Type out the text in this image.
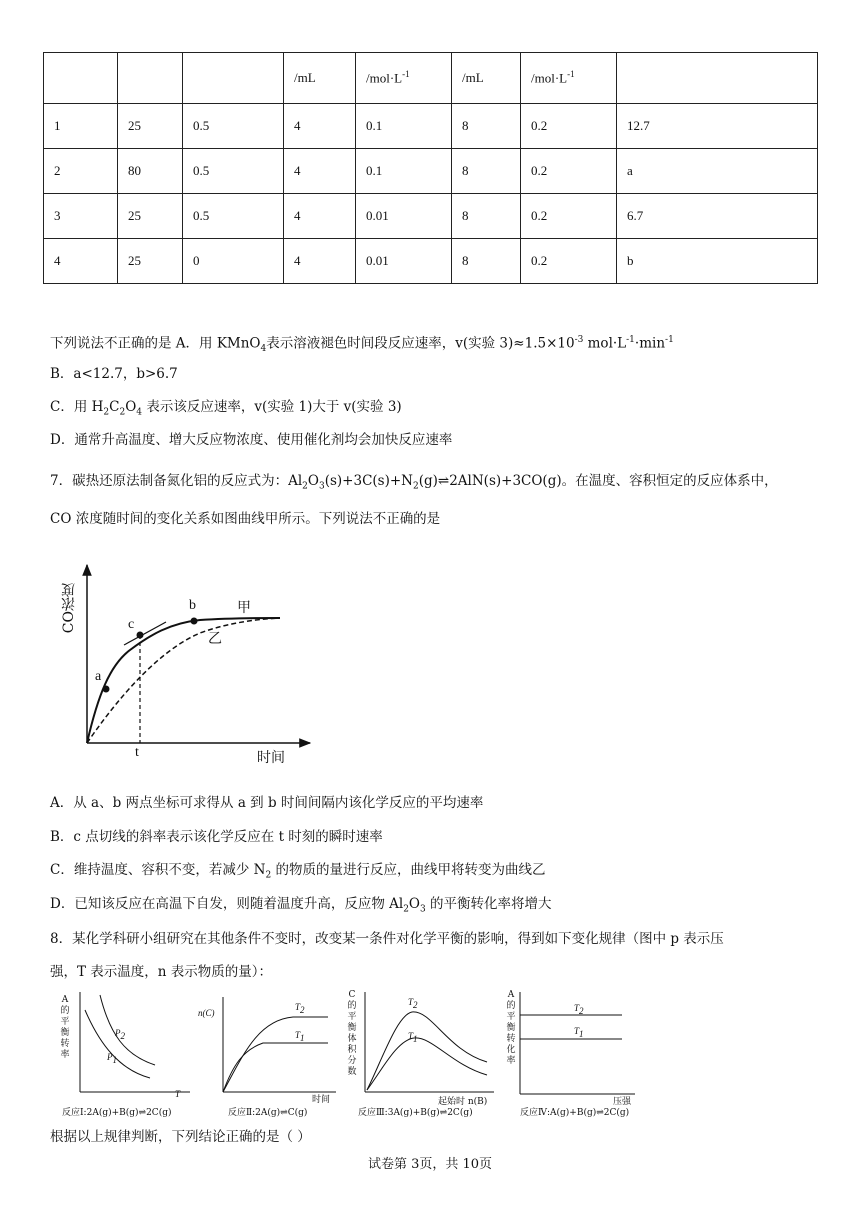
			/mL	$/mol\cdot L^{-1}$	/mL	$/mol\cdot L^{-1}$	
1	25	0.5	4	0.1	8	0.2	12.7
2	80	0.5	4	0.1	8	0.2	a
3	25	0.5	4	0.01	8	0.2	6.7
4	25	0	4	0.01	8	0.2	b
下列说法不正确的是 A．用 KMnO$_4$表示溶液褪色时间段反应速率，v(实验 $3)\approx 1.5\times 10^{-3}$ $mol\cdot L^{-1}\cdot\min^{-1}$
B．a<12.7，b>6.7
C．用 $H_2C_2O_4$ 表示该反应速率，v(实验 1)大于 v(实验 3)
D．通常升高温度、增大反应物浓度、使用催化剂均会加快反应速率
7．碳热还原法制备氮化铝的反应式为：$Al_2O_3(s)+3C(s)+N_2(g)\rightleftharpoons 2AlN(s)+3CO(g)$。在温度、容积恒定的反应体系中，
CO 浓度随时间的变化关系如图曲线甲所示。下列说法不正确的是
CO浓度
a
b
c
甲
乙
t	时间
A．从 a、b 两点坐标可求得从 a 到 b 时间间隔内该化学反应的平均速率
B．c 点切线的斜率表示该化学反应在 t 时刻的瞬时速率
C．维持温度、容积不变，若减少 $N_2$ 的物质的量进行反应，曲线甲将转变为曲线乙
D．已知该反应在高温下自发，则随着温度升高，反应物 $Al_2O_3$ 的平衡转化率将增大
8．某化学科研小组研究在其他条件不变时，改变某一条件对化学平衡的影响，得到如下变化规律（图中 p 表示压
强，T 表示温度，n 表示物质的量）：
A
的
平
衡
转
率
$P_2$
$P_1$
T
反应Ⅰ:2A(g)+B(g)⇌2C(g)
n(C)
$T_2$
$T_1$
时间
反应Ⅱ:2A(g)⇌C(g)
C
的
平
衡
体
积
分
数
$T_2$
$T_1$
起始时 n(B)
反应Ⅲ:3A(g)+B(g)⇌2C(g)
A
的
平
衡
转
化
率
$T_2$
$T_1$
压强
反应Ⅳ:A(g)+B(g)⇌2C(g)
根据以上规律判断，下列结论正确的是（ ）
试卷第 3页，共 10页
